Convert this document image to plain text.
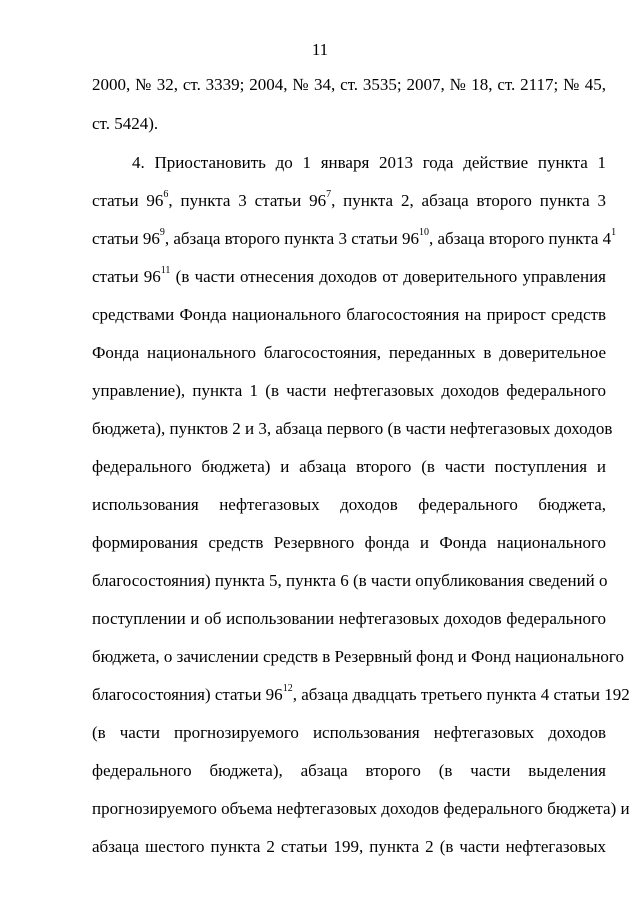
11
2000, № 32, ст. 3339; 2004, № 34, ст. 3535; 2007, № 18, ст. 2117; № 45,
ст. 5424).
4. Приостановить до 1 января 2013 года действие пункта 1
статьи $96^6$, пункта 3 статьи $96^7$, пункта 2, абзаца второго пункта 3
статьи $96^9$, абзаца второго пункта 3 статьи $96^{10}$, абзаца второго пункта $4^1$
статьи $96^{11}$ (в части отнесения доходов от доверительного управления
средствами Фонда национального благосостояния на прирост средств
Фонда национального благосостояния, переданных в доверительное
управление), пункта 1 (в части нефтегазовых доходов федерального
бюджета), пунктов 2 и 3, абзаца первого (в части нефтегазовых доходов
федерального бюджета) и абзаца второго (в части поступления и
использования нефтегазовых доходов федерального бюджета,
формирования средств Резервного фонда и Фонда национального
благосостояния) пункта 5, пункта 6 (в части опубликования сведений о
поступлении и об использовании нефтегазовых доходов федерального
бюджета, о зачислении средств в Резервный фонд и Фонд национального
благосостояния) статьи $96^{12}$, абзаца двадцать третьего пункта 4 статьи 192
(в части прогнозируемого использования нефтегазовых доходов
федерального бюджета), абзаца второго (в части выделения
прогнозируемого объема нефтегазовых доходов федерального бюджета) и
абзаца шестого пункта 2 статьи 199, пункта 2 (в части нефтегазовых
